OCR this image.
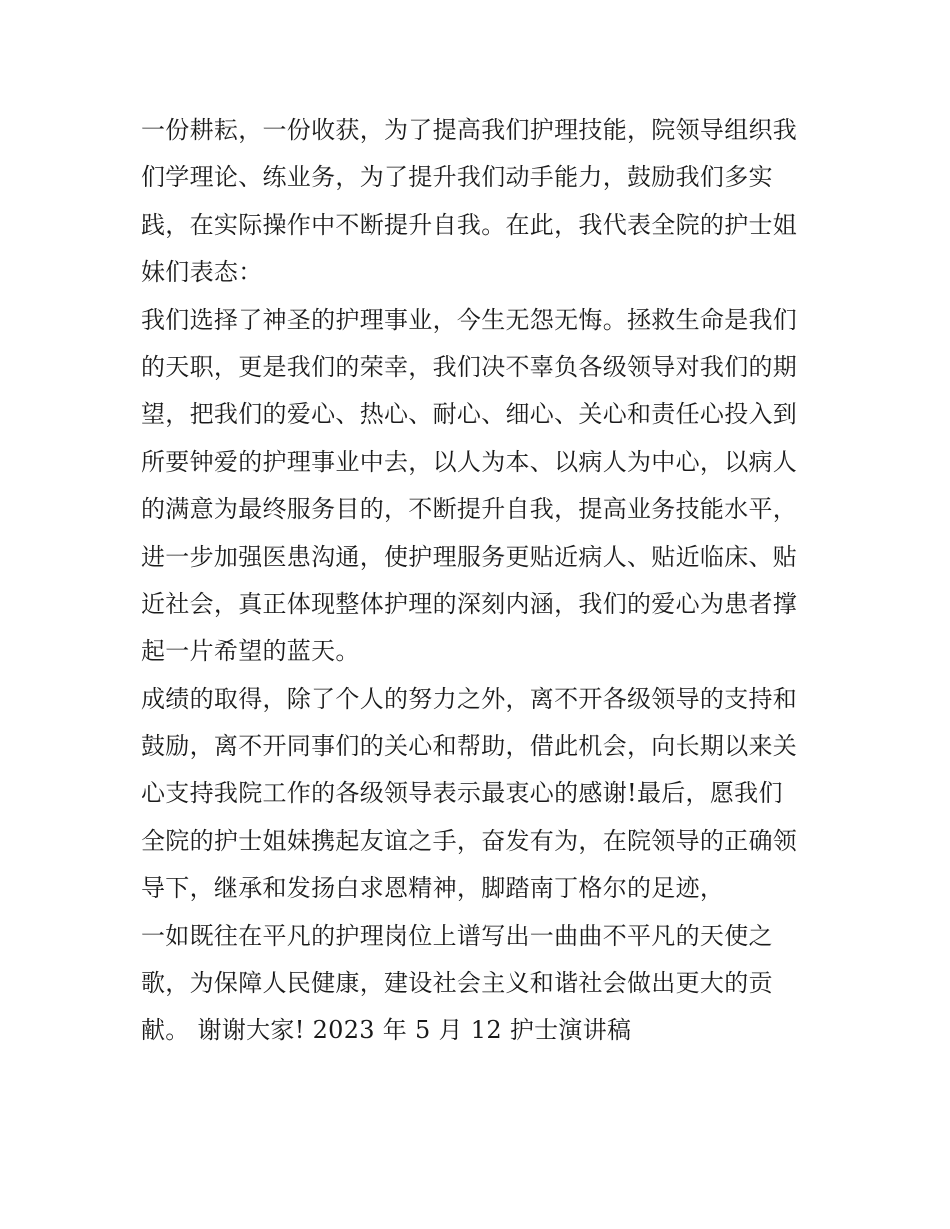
一份耕耘，一份收获，为了提高我们护理技能，院领导组织我
们学理论、练业务，为了提升我们动手能力，鼓励我们多实
践，在实际操作中不断提升自我。在此，我代表全院的护士姐
妹们表态：
我们选择了神圣的护理事业，今生无怨无悔。拯救生命是我们
的天职，更是我们的荣幸，我们决不辜负各级领导对我们的期
望，把我们的爱心、热心、耐心、细心、关心和责任心投入到
所要钟爱的护理事业中去，以人为本、以病人为中心，以病人
的满意为最终服务目的，不断提升自我，提高业务技能水平，
进一步加强医患沟通，使护理服务更贴近病人、贴近临床、贴
近社会，真正体现整体护理的深刻内涵，我们的爱心为患者撑
起一片希望的蓝天。
成绩的取得，除了个人的努力之外，离不开各级领导的支持和
鼓励，离不开同事们的关心和帮助，借此机会，向长期以来关
心支持我院工作的各级领导表示最衷心的感谢!最后，愿我们
全院的护士姐妹携起友谊之手，奋发有为，在院领导的正确领
导下，继承和发扬白求恩精神，脚踏南丁格尔的足迹，
一如既往在平凡的护理岗位上谱写出一曲曲不平凡的天使之
歌，为保障人民健康，建设社会主义和谐社会做出更大的贡
献。 谢谢大家! 2023 年 5 月 12 护士演讲稿
